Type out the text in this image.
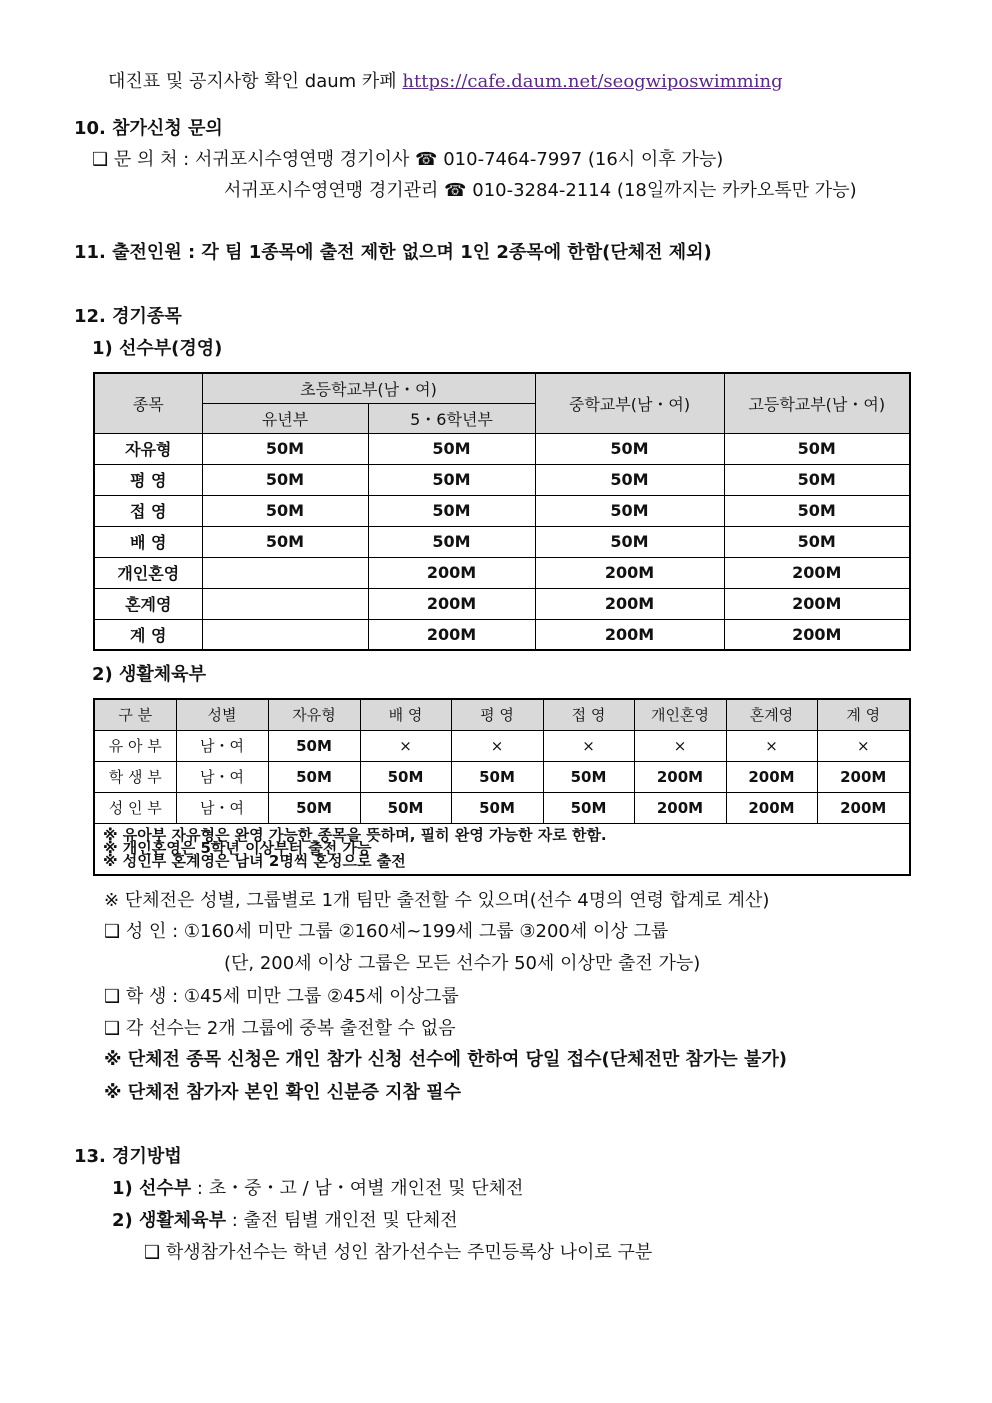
대진표 및 공지사항 확인 daum 카페 https://cafe.daum.net/seogwiposwimming
10. 참가신청 문의
❑ 문 의 처 : 서귀포시수영연맹 경기이사 ☎ 010-7464-7997 (16시 이후 가능)
서귀포시수영연맹 경기관리 ☎ 010-3284-2114 (18일까지는 카카오톡만 가능)
11. 출전인원 : 각 팀 1종목에 출전 제한 없으며 1인 2종목에 한함(단체전 제외)
12. 경기종목
1) 선수부(경영)
종목	초등학교부(남・여)		중학교부(남・여)	고등학교부(남・여)
	유년부	5・6학년부		
자유형	50M	50M	50M	50M
평 영	50M	50M	50M	50M
접 영	50M	50M	50M	50M
배 영	50M	50M	50M	50M
개인혼영		200M	200M	200M
혼계영		200M	200M	200M
계 영		200M	200M	200M
2) 생활체육부
구 분	성별	자유형	배 영	평 영	접 영	개인혼영	혼계영	계 영
유 아 부	남・여	50M	×	×	×	×	×	×
학 생 부	남・여	50M	50M	50M	50M	200M	200M	200M
성 인 부	남・여	50M	50M	50M	50M	200M	200M	200M

※ 유아부 자유형은 완영 가능한 종목을 뜻하며, 필히 완영 가능한 자로 한함.
※ 개인혼영은 5학년 이상부터 출전 가능
※ 성인부 혼계영은 남녀 2명씩 혼성으로 출전								
※ 단체전은 성별, 그룹별로 1개 팀만 출전할 수 있으며(선수 4명의 연령 합계로 계산)
❑ 성 인 : ①160세 미만 그룹 ②160세~199세 그룹 ③200세 이상 그룹
(단, 200세 이상 그룹은 모든 선수가 50세 이상만 출전 가능)
❑ 학 생 : ①45세 미만 그룹 ②45세 이상그룹
❑ 각 선수는 2개 그룹에 중복 출전할 수 없음
※ 단체전 종목 신청은 개인 참가 신청 선수에 한하여 당일 접수(단체전만 참가는 불가)
※ 단체전 참가자 본인 확인 신분증 지참 필수
13. 경기방법
1) 선수부 : 초・중・고 / 남・여별 개인전 및 단체전
2) 생활체육부 : 출전 팀별 개인전 및 단체전
❑ 학생참가선수는 학년 성인 참가선수는 주민등록상 나이로 구분
